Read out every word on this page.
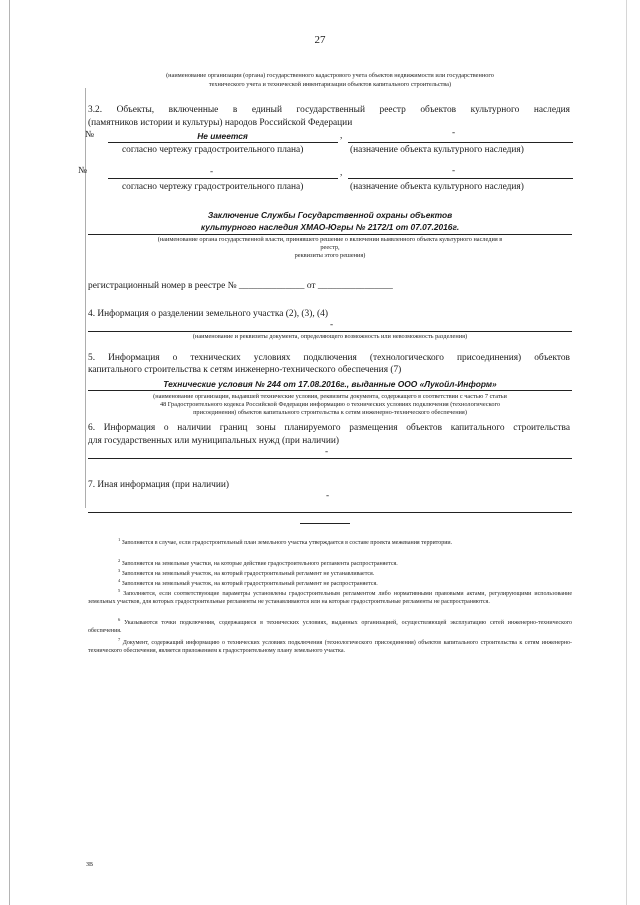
27
(наименование организации (органа) государственного кадастрового учета объектов недвижимости или государственного
технического учета и технической инвентаризации объектов капитального строительства)
3.2. Объекты, включенные в единый государственный реестр объектов культурного наследия
(памятников истории и культуры) народов Российской Федерации
№	Не имеется	,	-
согласно чертежу градостроительного плана)	(назначение объекта культурного наследия)
№	-	,	-
согласно чертежу градостроительного плана)	(назначение объекта культурного наследия)
Заключение Службы Государственной охраны объектов
культурного наследия ХМАО-Югры № 2172/1 от 07.07.2016г.
(наименование органа государственной власти, принявшего решение о включении выявленного объекта культурного наследия в
реестр,
реквизиты этого решения)
регистрационный номер в реестре № ______________ от ________________
4. Информация о разделении земельного участка (2), (3), (4)
-
(наименование и реквизиты документа, определяющего возможность или невозможность разделения)
5. Информация о технических условиях подключения (технологического присоединения) объектов
капитального строительства к сетям инженерно-технического обеспечения (7)
Технические условия № 244 от 17.08.2016г., выданные ООО «Лукойл-Информ»
(наименование организации, выдавшей технические условия, реквизиты документа, содержащего в соответствии с частью 7 статьи
48 Градостроительного кодекса Российской Федерации информацию о технических условиях подключения (технологического
присоединения) объектов капитального строительства к сетям инженерно-технического обеспечения)
6. Информация о наличии границ зоны планируемого размещения объектов капитального строительства
для государственных или муниципальных нужд (при наличии)
-
7. Иная информация (при наличии)
-
$^1$ Заполняется в случае, если градостроительный план земельного участка утверждается в составе проекта межевания территории.
$^2$ Заполняется на земельные участки, на которые действие градостроительного регламента распространяется.
$^3$ Заполняется на земельный участок, на который градостроительный регламент не устанавливается.
$^4$ Заполняется на земельный участок, на который градостроительный регламент не распространяется.
$^5$ Заполняется, если соответствующие параметры установлены градостроительным регламентом либо нормативными правовыми актами, регулирующими использование земельных участков, для которых градостроительные регламенты не устанавливаются или на которые градостроительные регламенты не распространяются.
$^6$ Указываются точки подключения, содержащиеся в технических условиях, выданных организацией, осуществляющей эксплуатацию сетей инженерно-технического обеспечения.
$^7$ Документ, содержащий информацию о технических условиях подключения (технологического присоединения) объектов капитального строительства к сетям инженерно-технического обеспечения, является приложением к градостроительному плану земельного участка.
ЗВ
